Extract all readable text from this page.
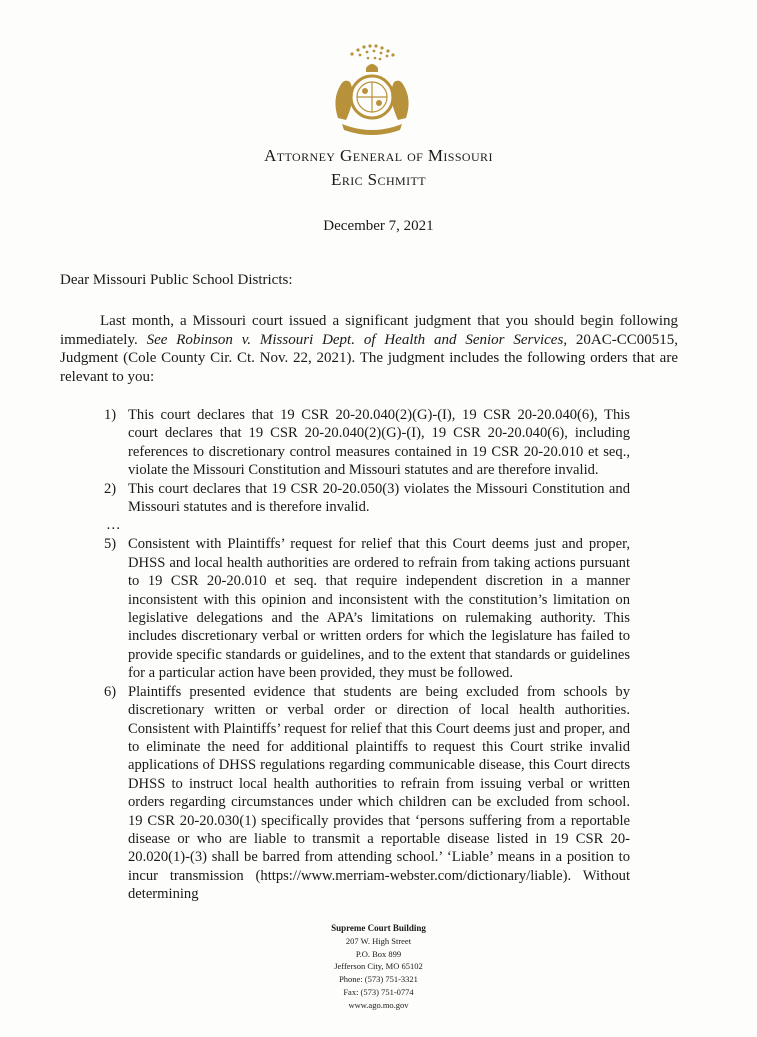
Attorney General of Missouri
Eric Schmitt
December 7, 2021
Dear Missouri Public School Districts:
Last month, a Missouri court issued a significant judgment that you should begin following immediately. See Robinson v. Missouri Dept. of Health and Senior Services, 20AC-CC00515, Judgment (Cole County Cir. Ct. Nov. 22, 2021). The judgment includes the following orders that are relevant to you:
1) This court declares that 19 CSR 20-20.040(2)(G)-(I), 19 CSR 20-20.040(6), This court declares that 19 CSR 20-20.040(2)(G)-(I), 19 CSR 20-20.040(6), including references to discretionary control measures contained in 19 CSR 20-20.010 et seq., violate the Missouri Constitution and Missouri statutes and are therefore invalid.
2) This court declares that 19 CSR 20-20.050(3) violates the Missouri Constitution and Missouri statutes and is therefore invalid.
…
5) Consistent with Plaintiffs’ request for relief that this Court deems just and proper, DHSS and local health authorities are ordered to refrain from taking actions pursuant to 19 CSR 20-20.010 et seq. that require independent discretion in a manner inconsistent with this opinion and inconsistent with the constitution’s limitation on legislative delegations and the APA’s limitations on rulemaking authority. This includes discretionary verbal or written orders for which the legislature has failed to provide specific standards or guidelines, and to the extent that standards or guidelines for a particular action have been provided, they must be followed.
6) Plaintiffs presented evidence that students are being excluded from schools by discretionary written or verbal order or direction of local health authorities. Consistent with Plaintiffs’ request for relief that this Court deems just and proper, and to eliminate the need for additional plaintiffs to request this Court strike invalid applications of DHSS regulations regarding communicable disease, this Court directs DHSS to instruct local health authorities to refrain from issuing verbal or written orders regarding circumstances under which children can be excluded from school. 19 CSR 20-20.030(1) specifically provides that ‘persons suffering from a reportable disease or who are liable to transmit a reportable disease listed in 19 CSR 20-20.020(1)-(3) shall be barred from attending school.’ ‘Liable’ means in a position to incur transmission (https://www.merriam-webster.com/dictionary/liable). Without determining
Supreme Court Building
207 W. High Street
P.O. Box 899
Jefferson City, MO 65102
Phone: (573) 751-3321
Fax: (573) 751-0774
www.ago.mo.gov
